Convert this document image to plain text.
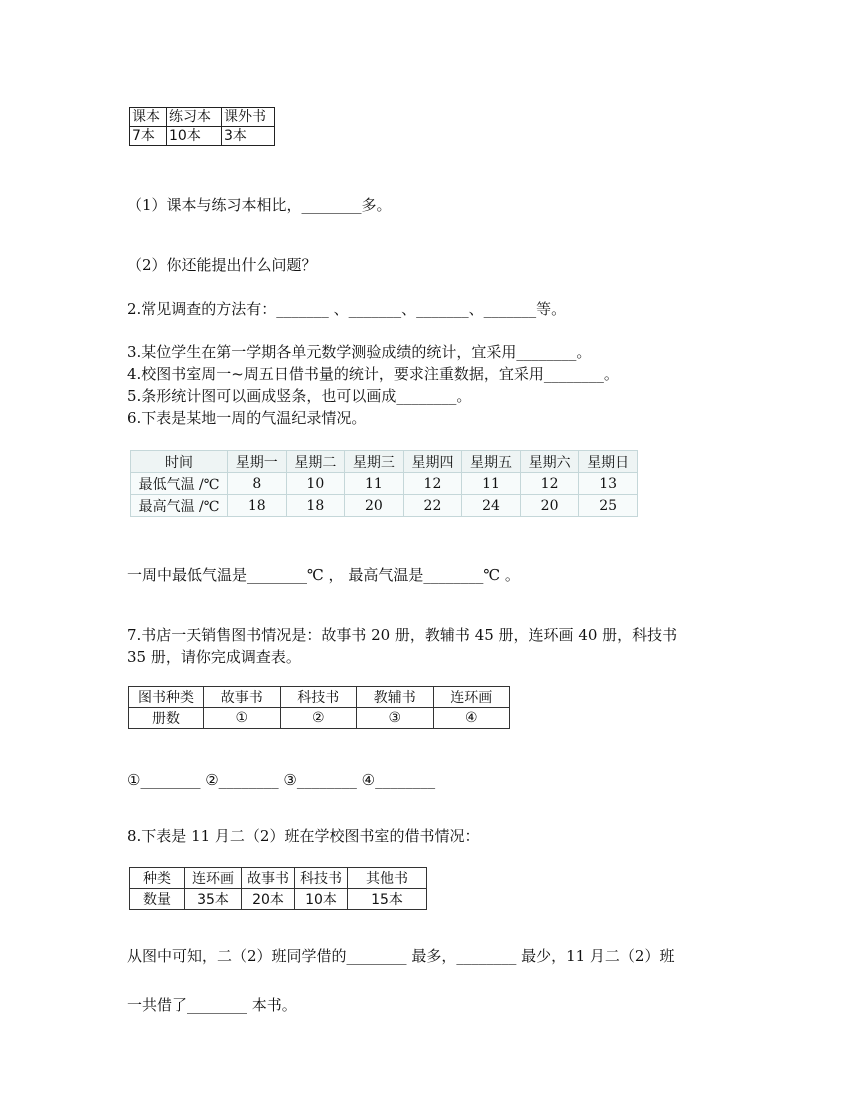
课本	练习本	课外书
7本	10本	3本
（1）课本与练习本相比，________多。
（2）你还能提出什么问题？
2.常见调查的方法有：_______ 、_______、_______、_______等。
3.某位学生在第一学期各单元数学测验成绩的统计，宜采用________。
4.校图书室周一~周五日借书量的统计，要求注重数据，宜采用________。
5.条形统计图可以画成竖条，也可以画成________。
6.下表是某地一周的气温纪录情况。
时间	星期一	星期二	星期三	星期四	星期五	星期六	星期日
最低气温 /℃	8	10	11	12	11	12	13
最高气温 /℃	18	18	20	22	24	20	25
一周中最低气温是________℃ ， 最高气温是________℃ 。
7.书店一天销售图书情况是：故事书 20 册，教辅书 45 册，连环画 40 册，科技书
35 册，请你完成调查表。
图书种类	故事书	科技书	教辅书	连环画
册数	①	②	③	④
①________ ②________ ③________ ④________
8.下表是 11 月二（2）班在学校图书室的借书情况：
种类	连环画	故事书	科技书	其他书
数量	35本	20本	10本	15本
从图中可知，二（2）班同学借的________ 最多，________ 最少，11 月二（2）班
一共借了________ 本书。
